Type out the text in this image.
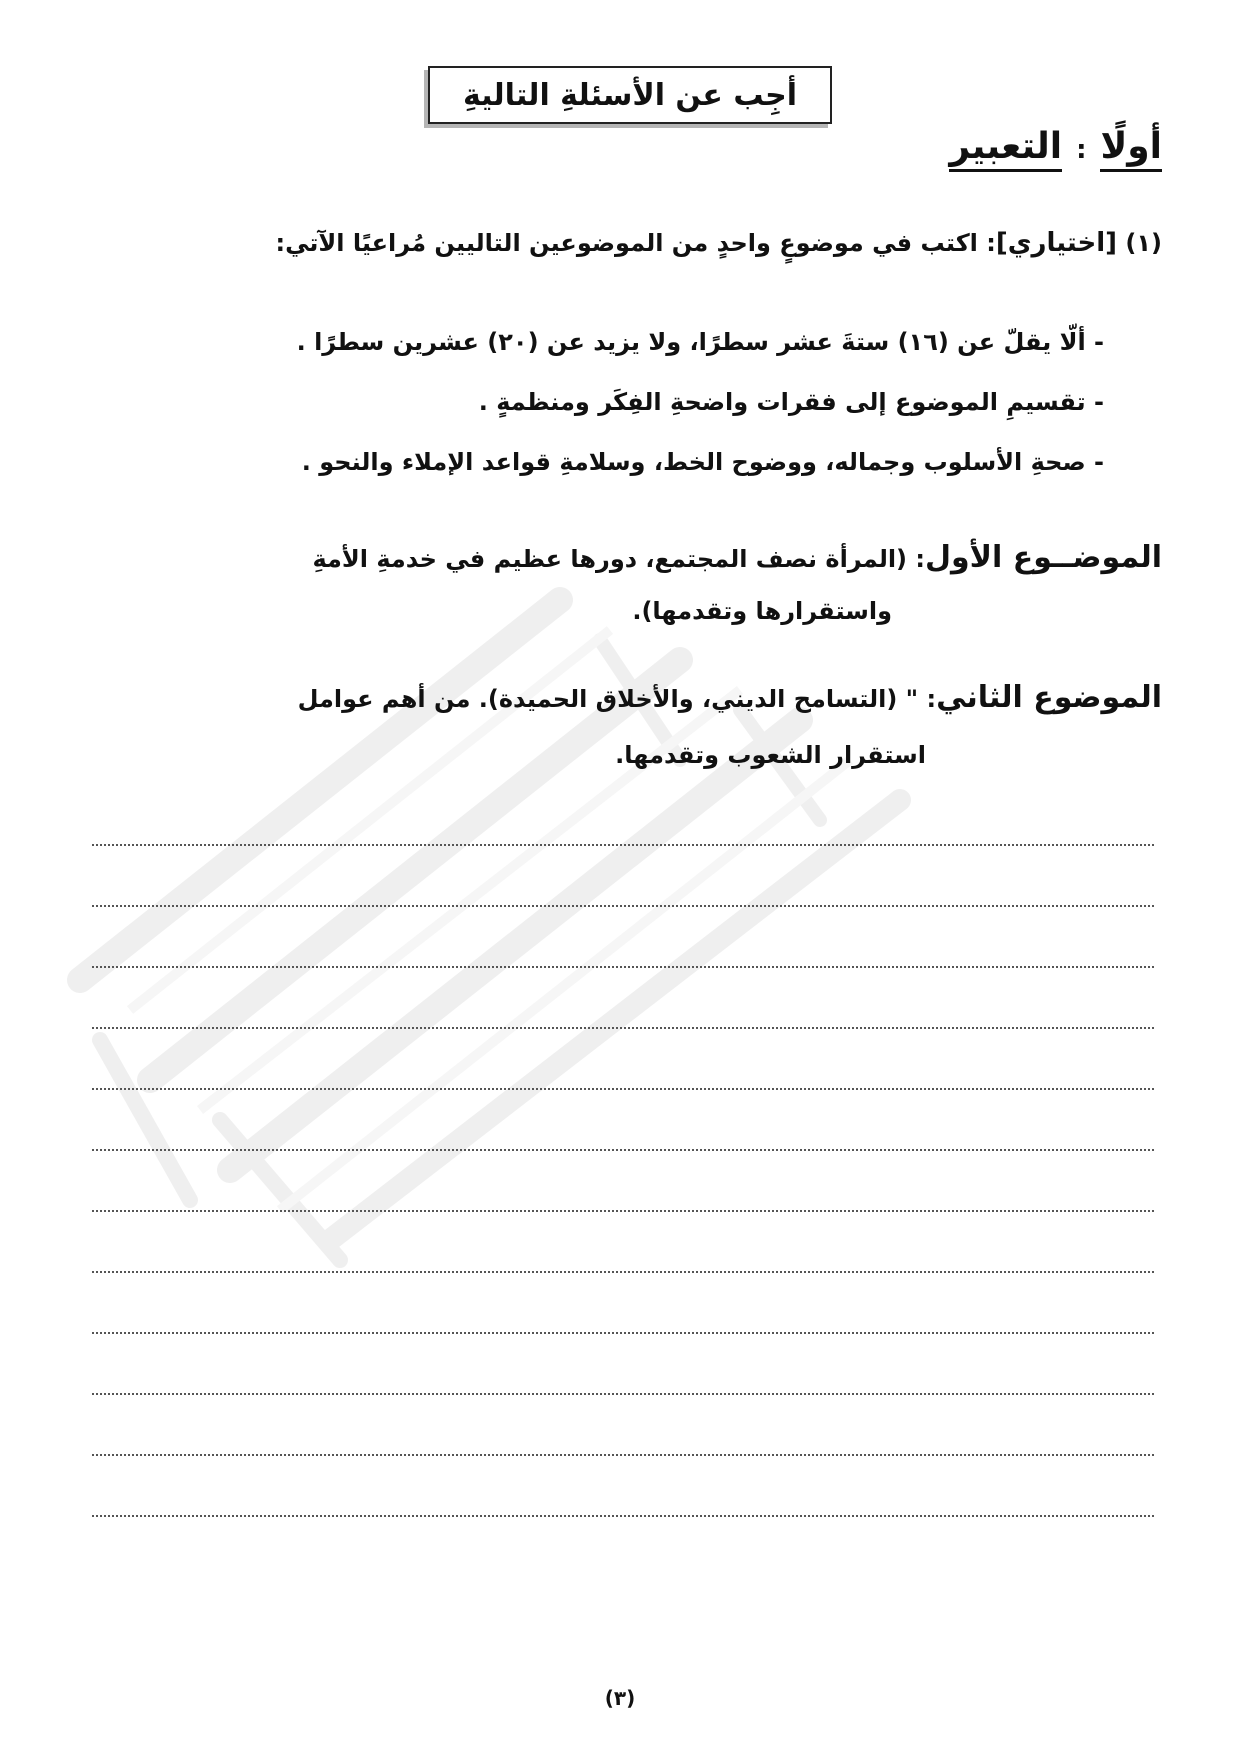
أجِب عن الأسئلةِ التاليةِ
أولًا:التعبير
(١) [اختياري]: اكتب في موضوعٍ واحدٍ من الموضوعين التاليين مُراعيًا الآتي:
- ألّا يقلّ عن (١٦) ستةَ عشر سطرًا، ولا يزيد عن (٢٠) عشرين سطرًا .
- تقسيمِ الموضوع إلى فقرات واضحةِ الفِكَر ومنظمةٍ .
- صحةِ الأسلوب وجماله، ووضوح الخط، وسلامةِ قواعد الإملاء والنحو .
الموضــوع الأول: (المرأة نصف المجتمع، دورها عظيم في خدمةِ الأمةِ
واستقرارها وتقدمها).
الموضوع الثاني: " (التسامح الديني، والأخلاق الحميدة). من أهم عوامل
استقرار الشعوب وتقدمها.
(٣)
